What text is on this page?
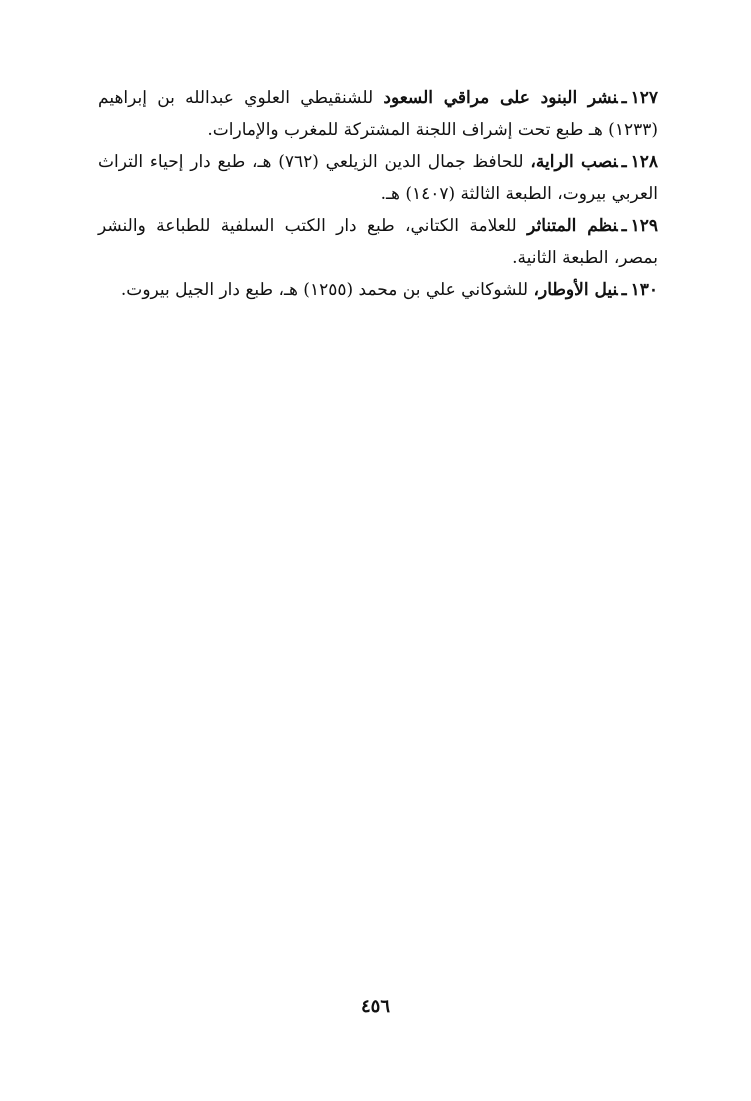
١٢٧ـنشر البنود على مراقي السعود للشنقيطي العلوي عبدالله بن إبراهيم (١٢٣٣) هـ طبع تحت إشراف اللجنة المشتركة للمغرب والإمارات.

١٢٨ـنصب الراية، للحافظ جمال الدين الزيلعي (٧٦٢) هـ، طبع دار إحياء التراث العربي بيروت، الطبعة الثالثة (١٤٠٧) هـ.

١٢٩ـنظم المتناثر للعلامة الكتاني، طبع دار الكتب السلفية للطباعة والنشر بمصر، الطبعة الثانية.

١٣٠ـنيل الأوطار، للشوكاني علي بن محمد (١٢٥٥) هـ، طبع دار الجيل بيروت.

٤٥٦
